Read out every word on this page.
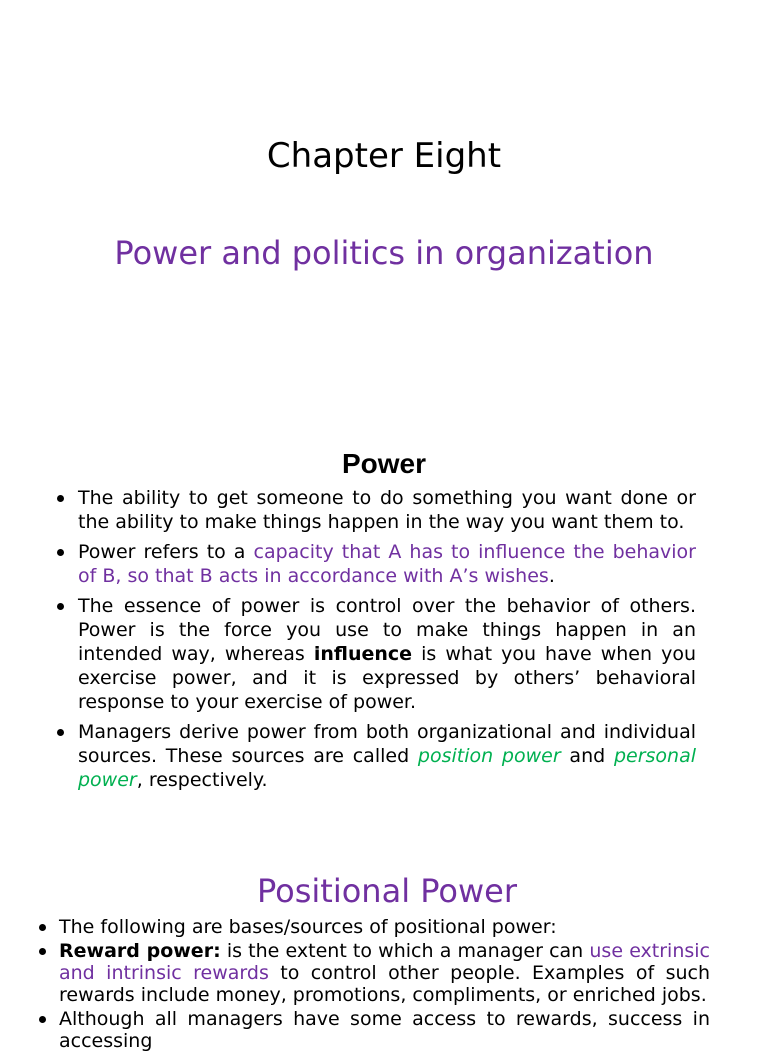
Chapter Eight
Power and politics in organization
Power
The ability to get someone to do something you want done or the ability to make things happen in the way you want them to.
Power refers to a capacity that A has to influence the behavior of B, so that B acts in accordance with A’s wishes.
The essence of power is control over the behavior of others. Power is the force you use to make things happen in an intended way, whereas influence is what you have when you exercise power, and it is expressed by others’ behavioral response to your exercise of power.
Managers derive power from both organizational and individual sources. These sources are called position power and personal power, respectively.
Positional Power
The following are bases/sources of positional power:
Reward power: is the extent to which a manager can use extrinsic and intrinsic rewards to control other people. Examples of such rewards include money, promotions, compliments, or enriched jobs.
Although all managers have some access to rewards, success in accessing
